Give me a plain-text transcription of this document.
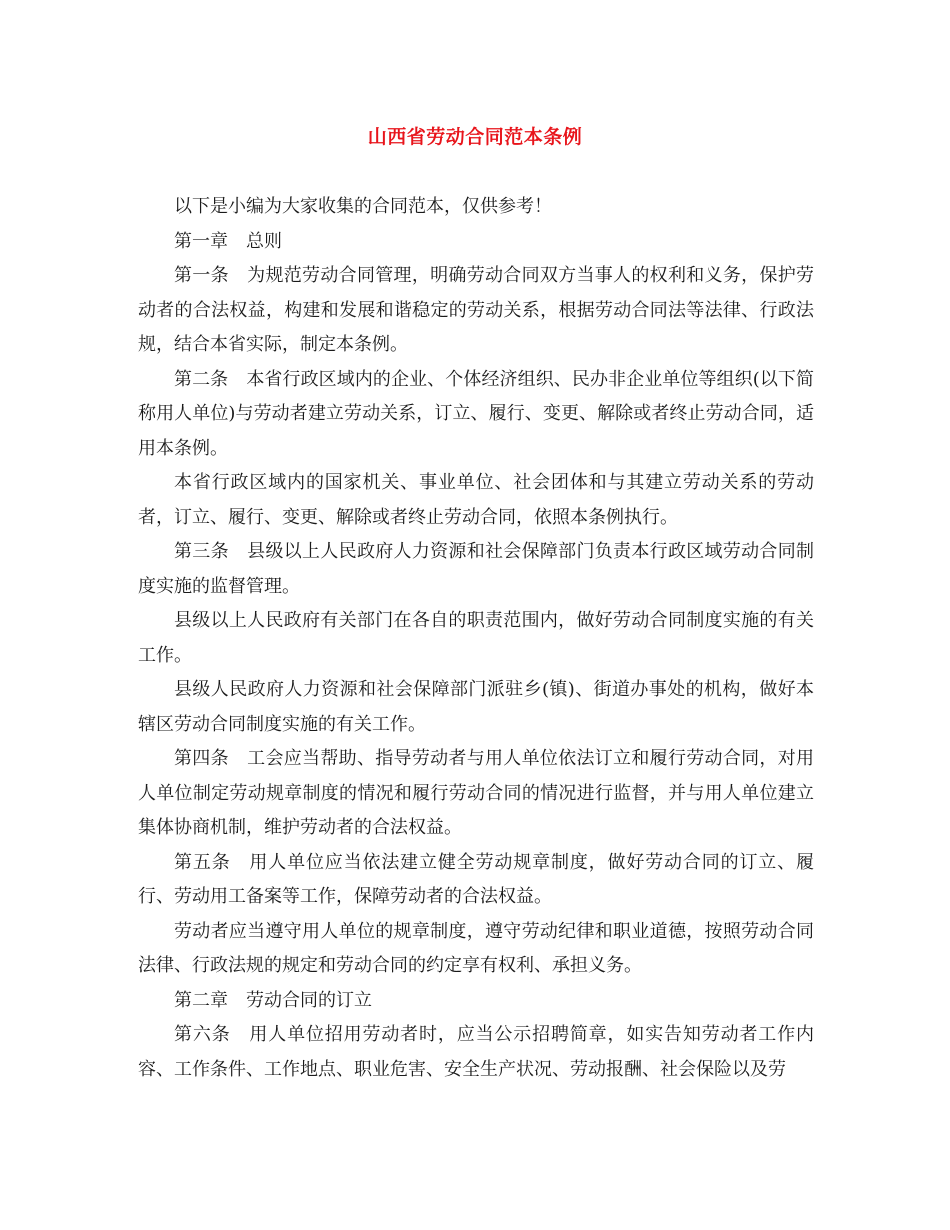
山西省劳动合同范本条例

以下是小编为大家收集的合同范本，仅供参考！

第一章　总则

第一条　为规范劳动合同管理，明确劳动合同双方当事人的权利和义务，保护劳动者的合法权益，构建和发展和谐稳定的劳动关系，根据劳动合同法等法律、行政法规，结合本省实际，制定本条例。

第二条　本省行政区域内的企业、个体经济组织、民办非企业单位等组织(以下简称用人单位)与劳动者建立劳动关系，订立、履行、变更、解除或者终止劳动合同，适用本条例。

本省行政区域内的国家机关、事业单位、社会团体和与其建立劳动关系的劳动者，订立、履行、变更、解除或者终止劳动合同，依照本条例执行。

第三条　县级以上人民政府人力资源和社会保障部门负责本行政区域劳动合同制度实施的监督管理。

县级以上人民政府有关部门在各自的职责范围内，做好劳动合同制度实施的有关工作。

县级人民政府人力资源和社会保障部门派驻乡(镇)、街道办事处的机构，做好本辖区劳动合同制度实施的有关工作。

第四条　工会应当帮助、指导劳动者与用人单位依法订立和履行劳动合同，对用人单位制定劳动规章制度的情况和履行劳动合同的情况进行监督，并与用人单位建立集体协商机制，维护劳动者的合法权益。

第五条　用人单位应当依法建立健全劳动规章制度，做好劳动合同的订立、履行、劳动用工备案等工作，保障劳动者的合法权益。

劳动者应当遵守用人单位的规章制度，遵守劳动纪律和职业道德，按照劳动合同法律、行政法规的规定和劳动合同的约定享有权利、承担义务。

第二章　劳动合同的订立

第六条　用人单位招用劳动者时，应当公示招聘简章，如实告知劳动者工作内容、工作条件、工作地点、职业危害、安全生产状况、劳动报酬、社会保险以及劳
